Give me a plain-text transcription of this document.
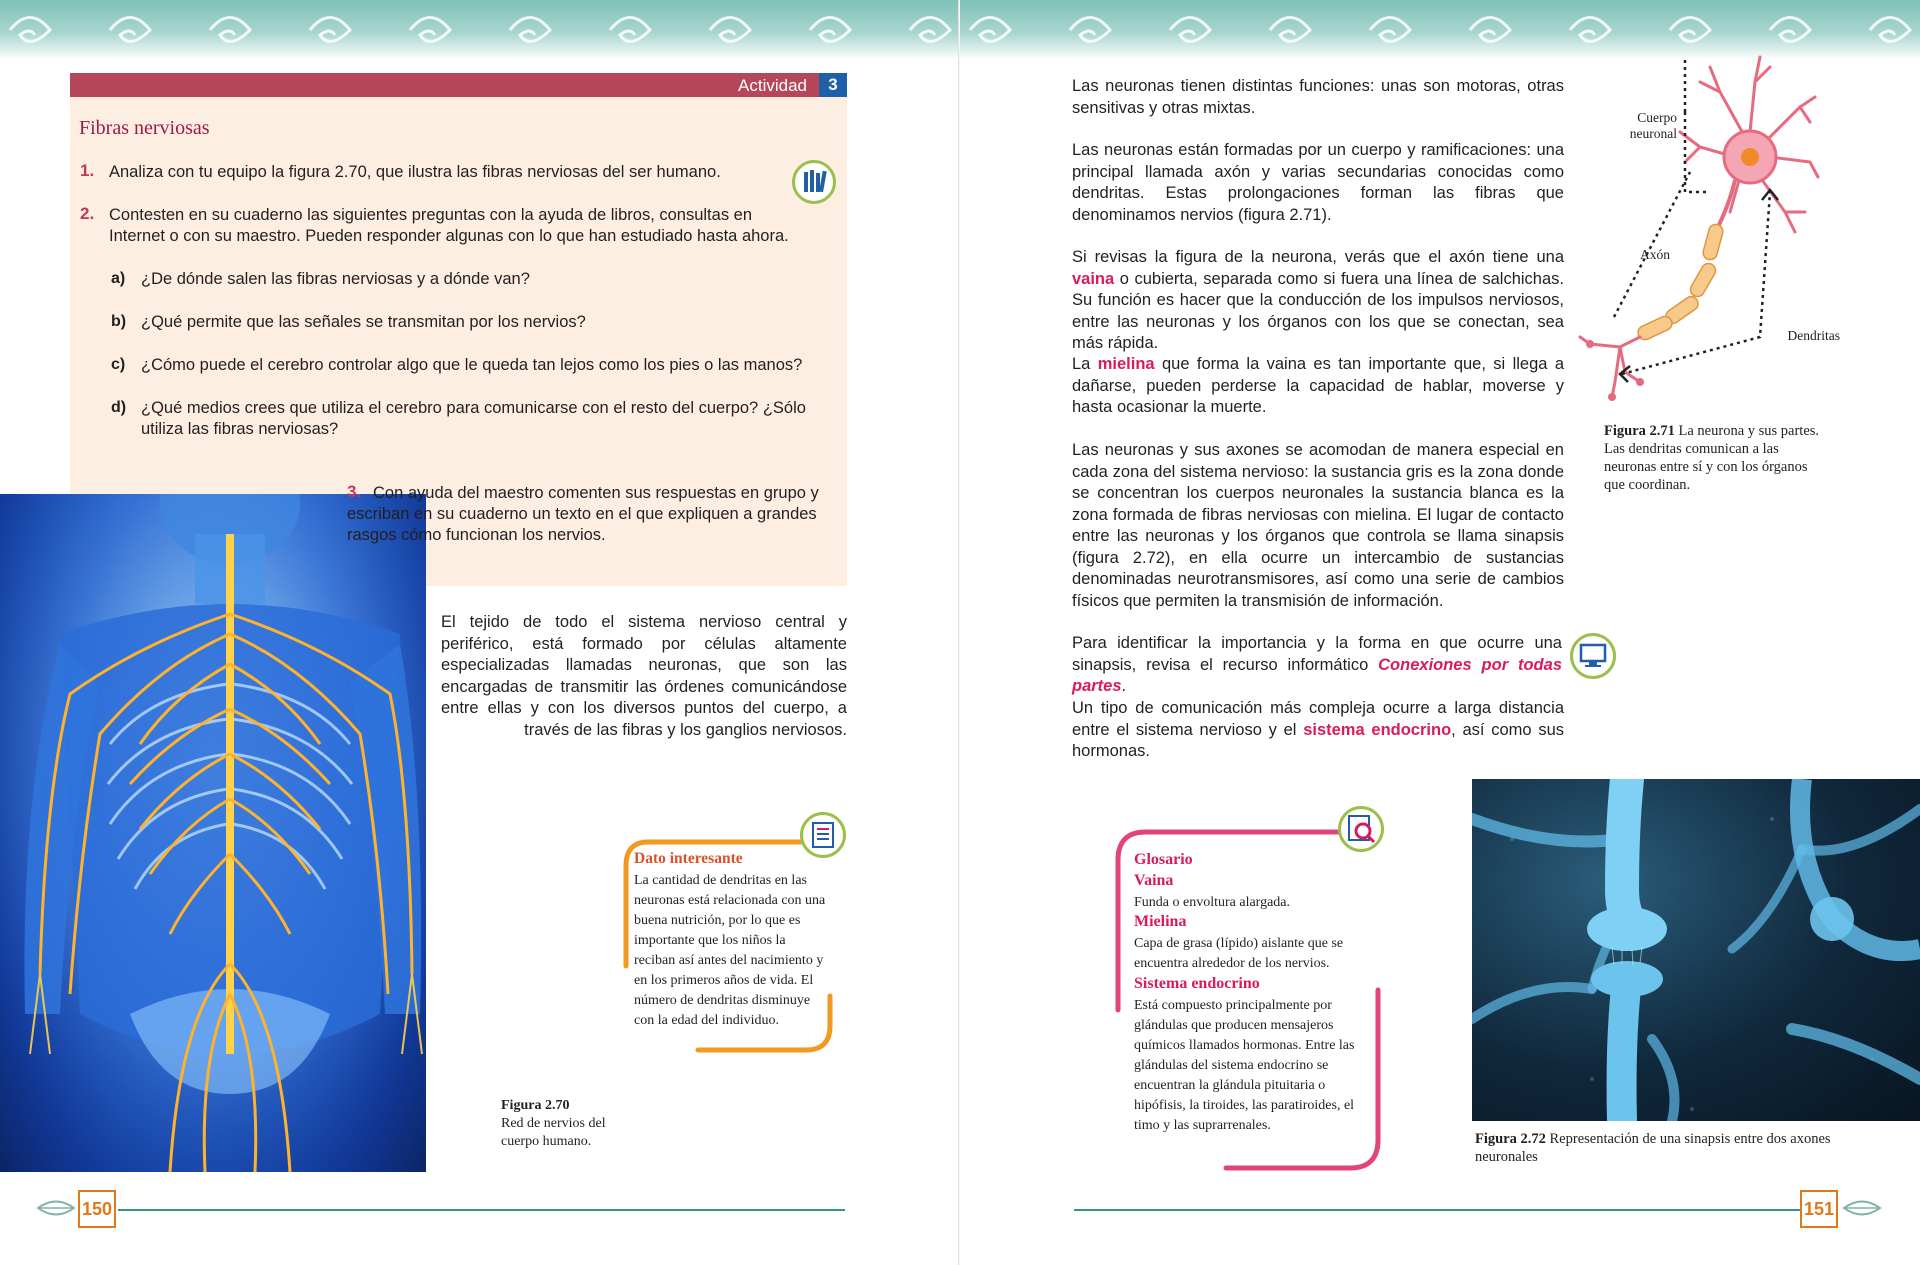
Actividad	3
Fibras nerviosas
1. Analiza con tu equipo la figura 2.70, que ilustra las fibras nerviosas del ser humano.
2. Contesten en su cuaderno las siguientes preguntas con la ayuda de libros, consultas en Internet o con su maestro. Pueden responder algunas con lo que han estudiado hasta ahora.
a) ¿De dónde salen las fibras nerviosas y a dónde van?
b) ¿Qué permite que las señales se transmitan por los nervios?
c) ¿Cómo puede el cerebro controlar algo que le queda tan lejos como los pies o las manos?
d) ¿Qué medios crees que utiliza el cerebro para comunicarse con el resto del cuerpo? ¿Sólo utiliza las fibras nerviosas?
3. Con ayuda del maestro comenten sus respuestas en grupo y escriban en su cuaderno un texto en el que expliquen a grandes rasgos cómo funcionan los nervios.
El tejido de todo el sistema nervioso central y periférico, está formado por células altamente especializadas llamadas neuronas, que son las encargadas de transmitir las órdenes comunicándose entre ellas y con los diversos puntos del cuerpo, a través de las fibras y los ganglios nerviosos.
Dato interesante
La cantidad de dendritas en las neuronas está relacionada con una buena nutrición, por lo que es importante que los niños la reciban así antes del nacimiento y en los primeros años de vida. El número de dendritas disminuye con la edad del individuo.
Figura 2.70
Red de nervios del cuerpo humano.
150
Las neuronas tienen distintas funciones: unas son motoras, otras sensitivas y otras mixtas.
Las neuronas están formadas por un cuerpo y ramificaciones: una principal llamada axón y varias secundarias conocidas como dendritas. Estas prolongaciones forman las fibras que denominamos nervios (figura 2.71).
Si revisas la figura de la neurona, verás que el axón tiene una vaina o cubierta, separada como si fuera una línea de salchichas. Su función es hacer que la conducción de los impulsos nerviosos, entre las neuronas y los órganos con los que se conectan, sea más rápida.
La mielina que forma la vaina es tan importante que, si llega a dañarse, pueden perderse la capacidad de hablar, moverse y hasta ocasionar la muerte.
Las neuronas y sus axones se acomodan de manera especial en cada zona del sistema nervioso: la sustancia gris es la zona donde se concentran los cuerpos neuronales la sustancia blanca es la zona formada de fibras nerviosas con mielina. El lugar de contacto entre las neuronas y los órganos que controla se llama sinapsis (figura 2.72), en ella ocurre un intercambio de sustancias denominadas neurotransmisores, así como una serie de cambios físicos que permiten la transmisión de información.
Para identificar la importancia y la forma en que ocurre una sinapsis, revisa el recurso informático Conexiones por todas partes.
Un tipo de comunicación más compleja ocurre a larga distancia entre el sistema nervioso y el sistema endocrino, así como sus hormonas.
Cuerpo neuronal
Axón
Dendritas
Figura 2.71 La neurona y sus partes. Las dendritas comunican a las neuronas entre sí y con los órganos que coordinan.
Glosario
Vaina
Funda o envoltura alargada.
Mielina
Capa de grasa (lípido) aislante que se encuentra alrededor de los nervios.
Sistema endocrino
Está compuesto principalmente por glándulas que producen mensajeros químicos llamados hormonas. Entre las glándulas del sistema endocrino se encuentran la glándula pituitaria o hipófisis, la tiroides, las paratiroides, el timo y las suprarrenales.
Figura 2.72 Representación de una sinapsis entre dos axones neuronales
151
